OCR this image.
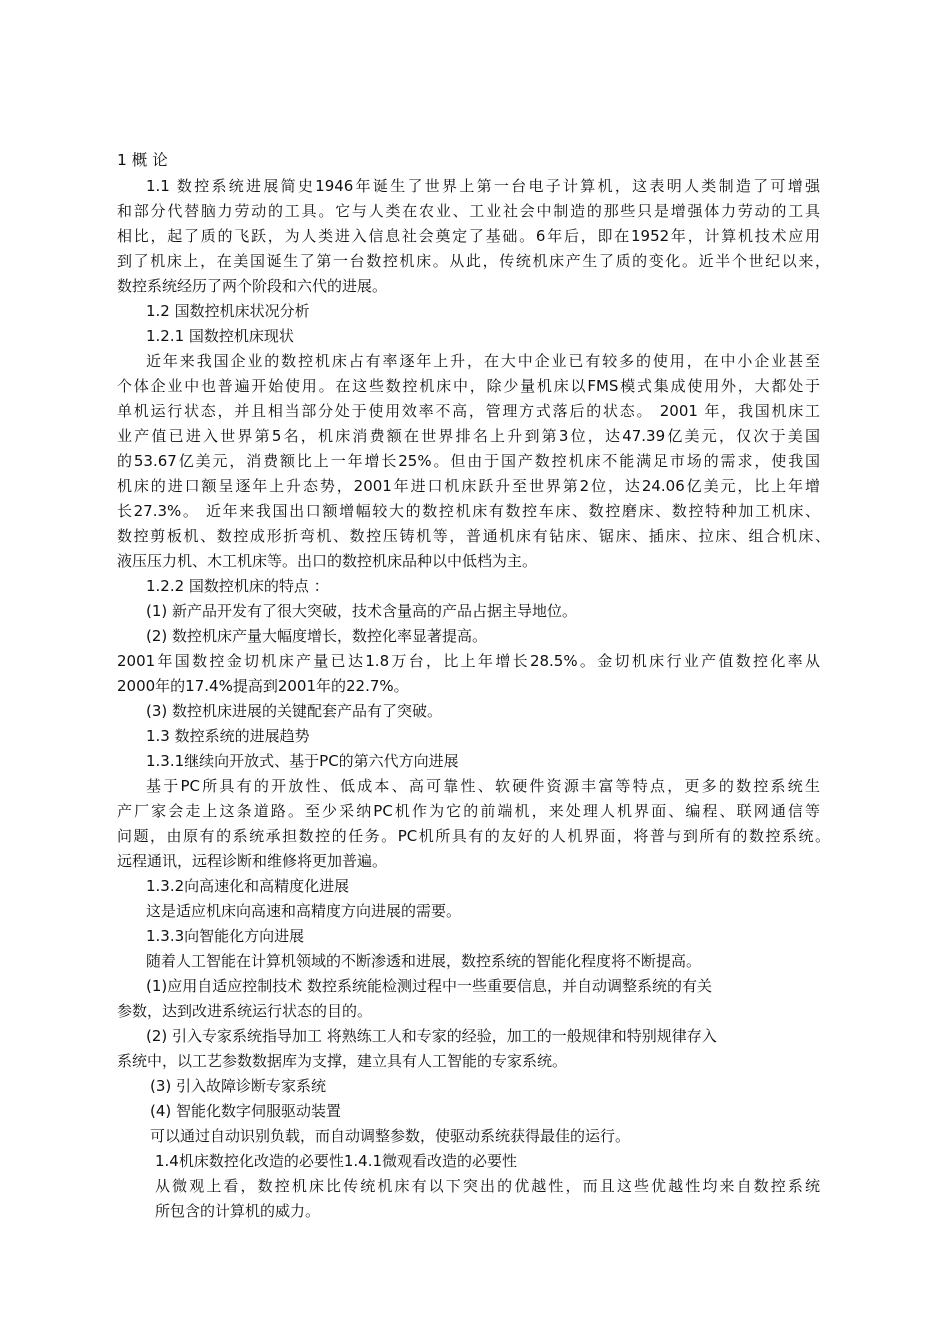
1 概 论
1.1 数控系统进展简史1946年诞生了世界上第一台电子计算机，这表明人类制造了可增强
和部分代替脑力劳动的工具。它与人类在农业、工业社会中制造的那些只是增强体力劳动的工具
相比，起了质的飞跃，为人类进入信息社会奠定了基础。6年后，即在1952年，计算机技术应用
到了机床上，在美国诞生了第一台数控机床。从此，传统机床产生了质的变化。近半个世纪以来，
数控系统经历了两个阶段和六代的进展。
1.2 国数控机床状况分析
1.2.1 国数控机床现状
近年来我国企业的数控机床占有率逐年上升，在大中企业已有较多的使用，在中小企业甚至
个体企业中也普遍开始使用。在这些数控机床中，除少量机床以FMS模式集成使用外，大都处于
单机运行状态，并且相当部分处于使用效率不高，管理方式落后的状态。 2001 年，我国机床工
业产值已进入世界第5名，机床消费额在世界排名上升到第3位，达47.39亿美元，仅次于美国
的53.67亿美元，消费额比上一年增长25%。但由于国产数控机床不能满足市场的需求，使我国
机床的进口额呈逐年上升态势，2001年进口机床跃升至世界第2位，达24.06亿美元，比上年增
长27.3%。 近年来我国出口额增幅较大的数控机床有数控车床、数控磨床、数控特种加工机床、
数控剪板机、数控成形折弯机、数控压铸机等，普通机床有钻床、锯床、插床、拉床、组合机床、
液压压力机、木工机床等。出口的数控机床品种以中低档为主。
1.2.2 国数控机床的特点 ：
(1) 新产品开发有了很大突破，技术含量高的产品占据主导地位。
(2) 数控机床产量大幅度增长，数控化率显著提高。
2001年国数控金切机床产量已达1.8万台，比上年增长28.5%。金切机床行业产值数控化率从
2000年的17.4%提高到2001年的22.7%。
(3) 数控机床进展的关键配套产品有了突破。
1.3 数控系统的进展趋势
1.3.1继续向开放式、基于PC的第六代方向进展
基于PC所具有的开放性、低成本、高可靠性、软硬件资源丰富等特点，更多的数控系统生
产厂家会走上这条道路。至少采纳PC机作为它的前端机，来处理人机界面、编程、联网通信等
问题，由原有的系统承担数控的任务。PC机所具有的友好的人机界面，将普与到所有的数控系统。
远程通讯，远程诊断和维修将更加普遍。
1.3.2向高速化和高精度化进展
这是适应机床向高速和高精度方向进展的需要。
1.3.3向智能化方向进展
随着人工智能在计算机领域的不断渗透和进展，数控系统的智能化程度将不断提高。
(1)应用自适应控制技术 数控系统能检测过程中一些重要信息，并自动调整系统的有关
参数，达到改进系统运行状态的目的。
(2) 引入专家系统指导加工 将熟练工人和专家的经验，加工的一般规律和特别规律存入
系统中，以工艺参数数据库为支撑，建立具有人工智能的专家系统。
(3) 引入故障诊断专家系统
(4) 智能化数字伺服驱动装置
可以通过自动识别负载，而自动调整参数，使驱动系统获得最佳的运行。
1.4机床数控化改造的必要性1.4.1微观看改造的必要性
从微观上看，数控机床比传统机床有以下突出的优越性，而且这些优越性均来自数控系统
所包含的计算机的威力。
